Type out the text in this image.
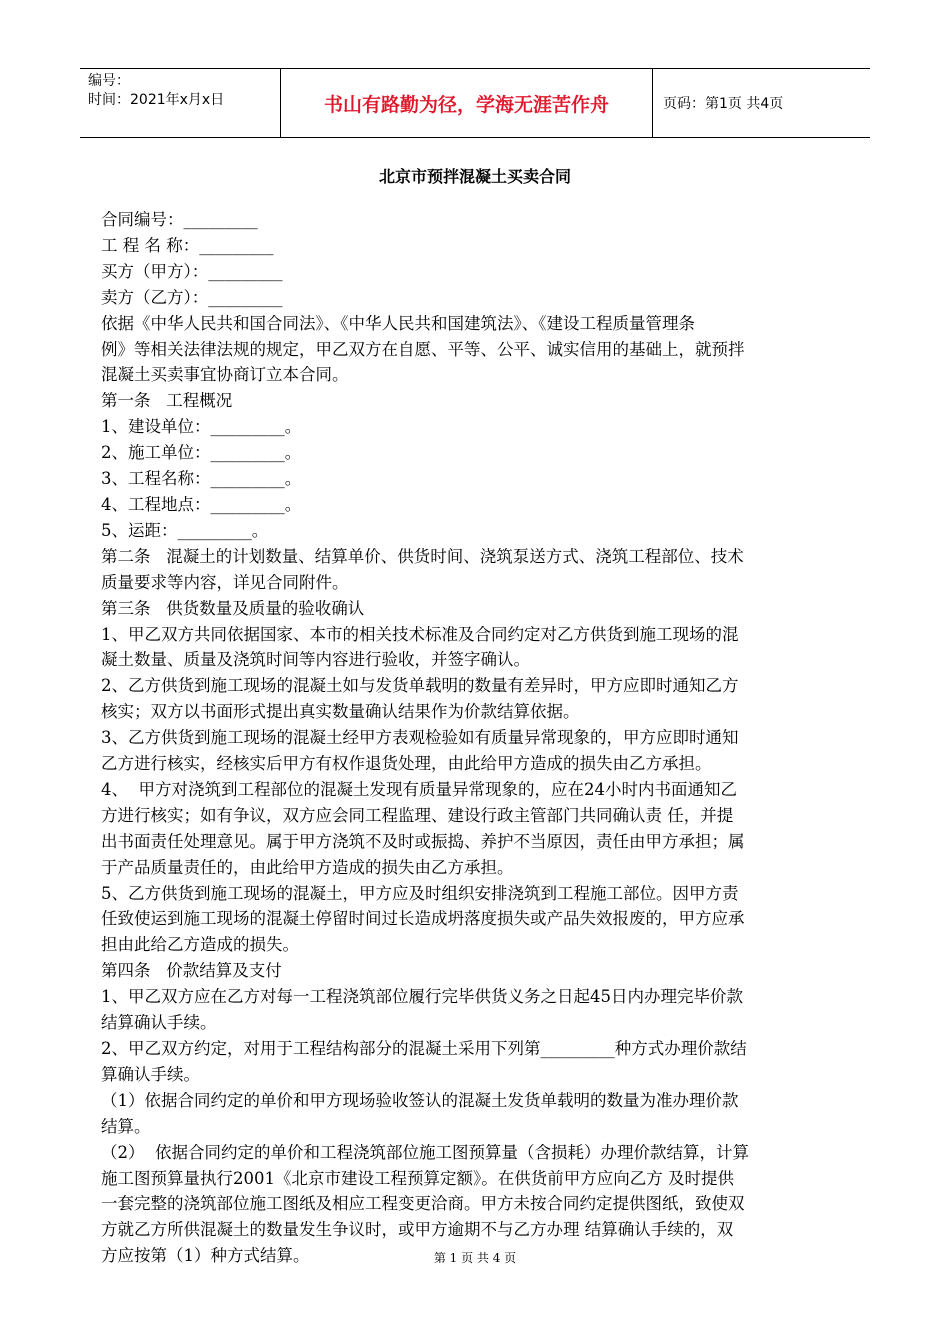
编号：
时间：2021年x月x日	书山有路勤为径，学海无涯苦作舟	页码：第1页 共4页
北京市预拌混凝土买卖合同

合同编号：_________

工 程 名 称：_________

买方（甲方）：_________

卖方（乙方）：_________

依据《中华人民共和国合同法》、《中华人民共和国建筑法》、《建设工程质量管理条

例》等相关法律法规的规定，甲乙双方在自愿、平等、公平、诚实信用的基础上，就预拌

混凝土买卖事宜协商订立本合同。

第一条   工程概况

1、建设单位：_________。

2、施工单位：_________。

3、工程名称：_________。

4、工程地点：_________。

5、运距：_________。

第二条   混凝土的计划数量、结算单价、供货时间、浇筑泵送方式、浇筑工程部位、技术

质量要求等内容，详见合同附件。

第三条   供货数量及质量的验收确认

1、甲乙双方共同依据国家、本市的相关技术标准及合同约定对乙方供货到施工现场的混

凝土数量、质量及浇筑时间等内容进行验收，并签字确认。

2、乙方供货到施工现场的混凝土如与发货单载明的数量有差异时，甲方应即时通知乙方

核实；双方以书面形式提出真实数量确认结果作为价款结算依据。

3、乙方供货到施工现场的混凝土经甲方表观检验如有质量异常现象的，甲方应即时通知

乙方进行核实，经核实后甲方有权作退货处理，由此给甲方造成的损失由乙方承担。

4、  甲方对浇筑到工程部位的混凝土发现有质量异常现象的，应在24小时内书面通知乙

方进行核实；如有争议，双方应会同工程监理、建设行政主管部门共同确认责 任，并提

出书面责任处理意见。属于甲方浇筑不及时或振捣、养护不当原因，责任由甲方承担；属

于产品质量责任的，由此给甲方造成的损失由乙方承担。

5、乙方供货到施工现场的混凝土，甲方应及时组织安排浇筑到工程施工部位。因甲方责

任致使运到施工现场的混凝土停留时间过长造成坍落度损失或产品失效报废的，甲方应承

担由此给乙方造成的损失。

第四条   价款结算及支付

1、甲乙双方应在乙方对每一工程浇筑部位履行完毕供货义务之日起45日内办理完毕价款

结算确认手续。

2、甲乙双方约定，对用于工程结构部分的混凝土采用下列第_________种方式办理价款结

算确认手续。

（1）依据合同约定的单价和甲方现场验收签认的混凝土发货单载明的数量为准办理价款

结算。

（2）  依据合同约定的单价和工程浇筑部位施工图预算量（含损耗）办理价款结算，计算

施工图预算量执行2001《北京市建设工程预算定额》。在供货前甲方应向乙方 及时提供

一套完整的浇筑部位施工图纸及相应工程变更洽商。甲方未按合同约定提供图纸，致使双

方就乙方所供混凝土的数量发生争议时，或甲方逾期不与乙方办理 结算确认手续的，双

方应按第（1）种方式结算。	第 1 页 共 4 页
